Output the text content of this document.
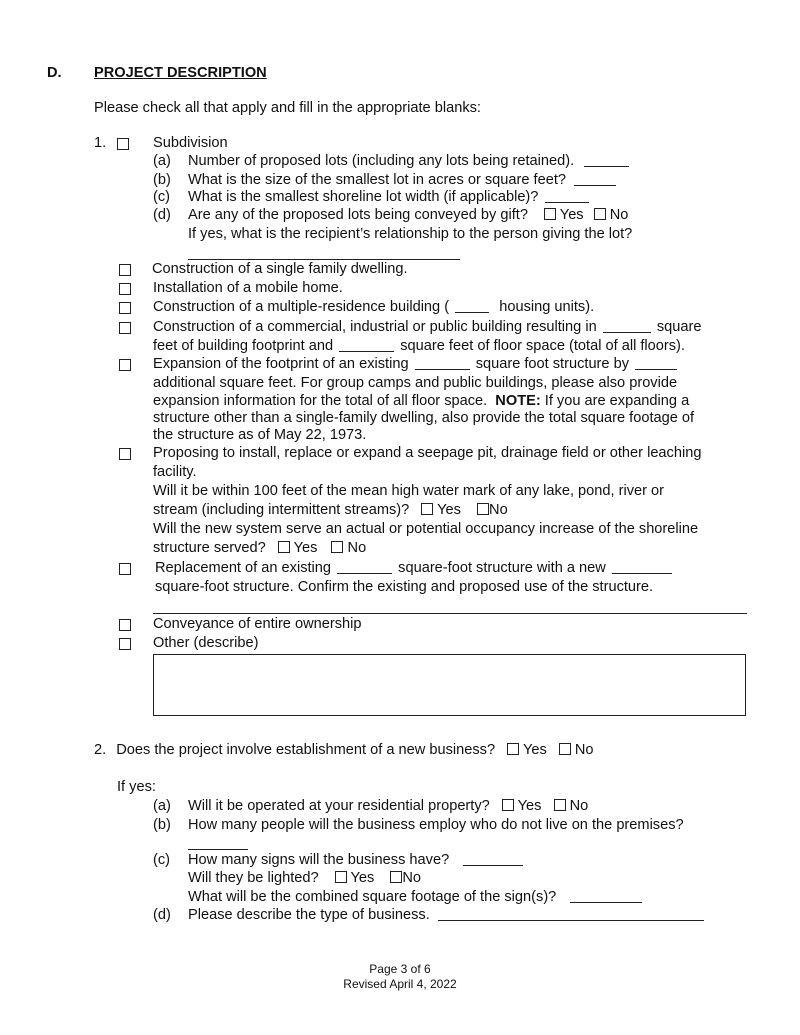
D. PROJECT DESCRIPTION
Please check all that apply and fill in the appropriate blanks:
1.	Subdivision
(a) Number of proposed lots (including any lots being retained).
(b) What is the size of the smallest lot in acres or square feet?
(c) What is the smallest shoreline lot width (if applicable)?
(d) Are any of the proposed lots being conveyed by gift? Yes No
If yes, what is the recipient’s relationship to the person giving the lot?
Construction of a single family dwelling.
Installation of a mobile home.
Construction of a multiple-residence building (	housing units).
Construction of a commercial, industrial or public building resulting in	square
feet of building footprint and	square feet of floor space (total of all floors).
Expansion of the footprint of an existing	square foot structure by
additional square feet. For group camps and public buildings, please also provide
expansion information for the total of all floor space. NOTE: If you are expanding a
structure other than a single-family dwelling, also provide the total square footage of
the structure as of May 22, 1973.
Proposing to install, replace or expand a seepage pit, drainage field or other leaching
facility.
Will it be within 100 feet of the mean high water mark of any lake, pond, river or
stream (including intermittent streams)? Yes No
Will the new system serve an actual or potential occupancy increase of the shoreline
structure served? Yes No
Replacement of an existing	square-foot structure with a new
square-foot structure. Confirm the existing and proposed use of the structure.
Conveyance of entire ownership
Other (describe)
2. Does the project involve establishment of a new business? Yes No
If yes:
(a) Will it be operated at your residential property? Yes No
(b) How many people will the business employ who do not live on the premises?
(c) How many signs will the business have?
Will they be lighted? Yes No
What will be the combined square footage of the sign(s)?
(d) Please describe the type of business.
Page 3 of 6
Revised April 4, 2022
